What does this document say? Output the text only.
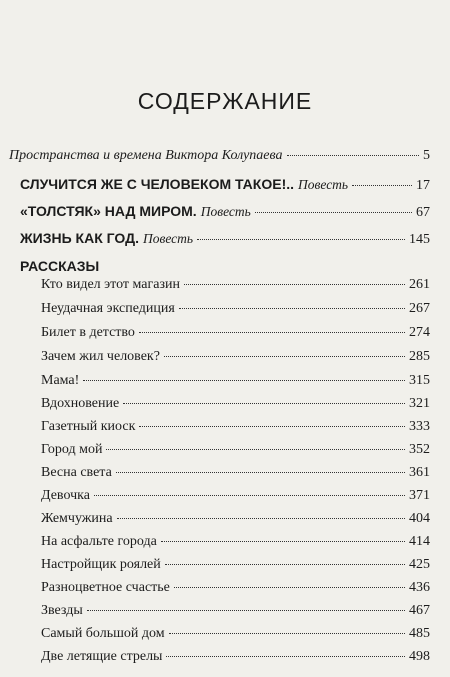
СОДЕРЖАНИЕ
Пространства и времена Виктора Колупаева	5
СЛУЧИТСЯ ЖЕ С ЧЕЛОВЕКОМ ТАКОЕ!.. Повесть	17
«ТОЛСТЯК» НАД МИРОМ. Повесть	67
ЖИЗНЬ КАК ГОД. Повесть	145
РАССКАЗЫ
Кто видел этот магазин	261
Неудачная экспедиция	267
Билет в детство	274
Зачем жил человек?	285
Мама!	315
Вдохновение	321
Газетный киоск	333
Город мой	352
Весна света	361
Девочка	371
Жемчужина	404
На асфальте города	414
Настройщик роялей	425
Разноцветное счастье	436
Звезды	467
Самый большой дом	485
Две летящие стрелы	498
